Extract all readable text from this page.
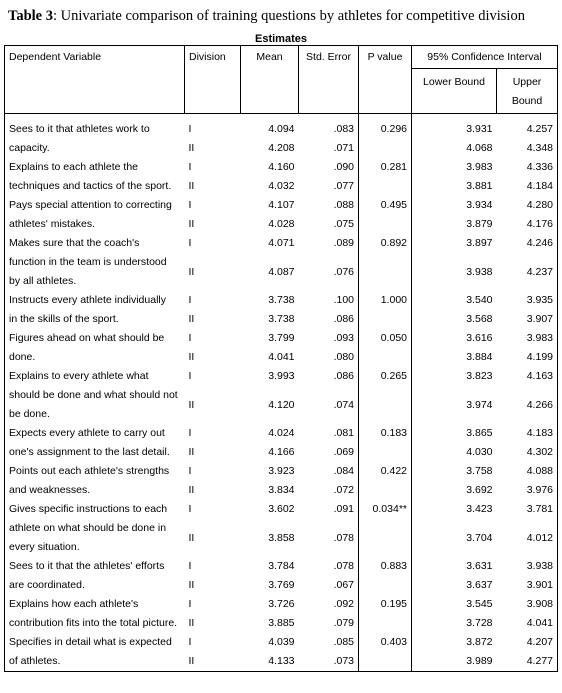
Table 3: Univariate comparison of training questions by athletes for competitive division
Estimates
Dependent Variable	Division	Mean	Std. Error	P value	95% Confidence Interval	
					Lower Bound	Upper Bound
Sees to it that athletes work to	I	4.094	.083	0.296	3.931	4.257
capacity.	II	4.208	.071		4.068	4.348
Explains to each athlete the	I	4.160	.090	0.281	3.983	4.336
techniques and tactics of the sport.	II	4.032	.077		3.881	4.184
Pays special attention to correcting	I	4.107	.088	0.495	3.934	4.280
athletes' mistakes.	II	4.028	.075		3.879	4.176
Makes sure that the coach's	I	4.071	.089	0.892	3.897	4.246
function in the team is understood by all athletes.	II	4.087	.076		3.938	4.237
Instructs every athlete individually	I	3.738	.100	1.000	3.540	3.935
in the skills of the sport.	II	3.738	.086		3.568	3.907
Figures ahead on what should be	I	3.799	.093	0.050	3.616	3.983
done.	II	4.041	.080		3.884	4.199
Explains to every athlete what	I	3.993	.086	0.265	3.823	4.163
should be done and what should not be done.	II	4.120	.074		3.974	4.266
Expects every athlete to carry out	I	4.024	.081	0.183	3.865	4.183
one's assignment to the last detail.	II	4.166	.069		4.030	4.302
Points out each athlete's strengths	I	3.923	.084	0.422	3.758	4.088
and weaknesses.	II	3.834	.072		3.692	3.976
Gives specific instructions to each	I	3.602	.091	0.034**	3.423	3.781
athlete on what should be done in every situation.	II	3.858	.078		3.704	4.012
Sees to it that the athletes' efforts	I	3.784	.078	0.883	3.631	3.938
are coordinated.	II	3.769	.067		3.637	3.901
Explains how each athlete's	I	3.726	.092	0.195	3.545	3.908
contribution fits into the total picture.	II	3.885	.079		3.728	4.041
Specifies in detail what is expected	I	4.039	.085	0.403	3.872	4.207
of athletes.	II	4.133	.073		3.989	4.277
